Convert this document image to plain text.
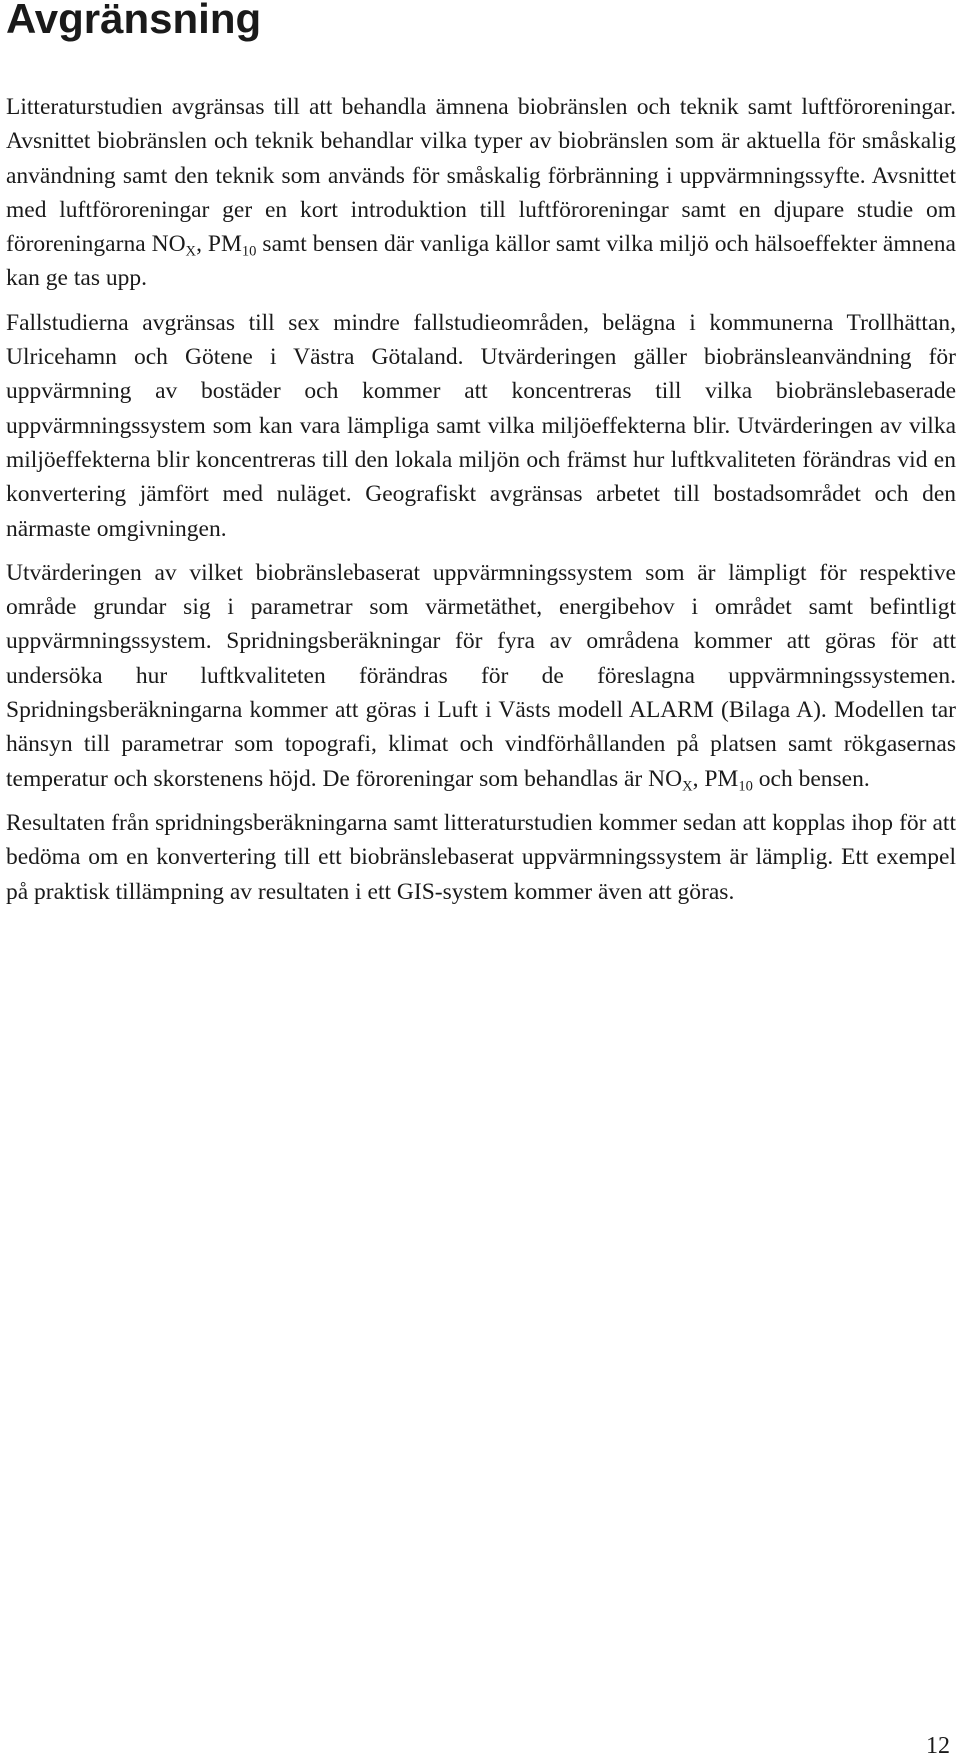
Avgränsning

Litteraturstudien avgränsas till att behandla ämnena biobränslen och teknik samt luftföroreningar. Avsnittet biobränslen och teknik behandlar vilka typer av biobränslen som är aktuella för småskalig användning samt den teknik som används för småskalig förbränning i uppvärmningssyfte. Avsnittet med luftföroreningar ger en kort introduktion till luftföroreningar samt en djupare studie om föroreningarna $NO_X$, $PM_{10}$ samt bensen där vanliga källor samt vilka miljö och hälsoeffekter ämnena kan ge tas upp.

Fallstudierna avgränsas till sex mindre fallstudieområden, belägna i kommunerna Trollhättan, Ulricehamn och Götene i Västra Götaland. Utvärderingen gäller biobränsleanvändning för uppvärmning av bostäder och kommer att koncentreras till vilka biobränslebaserade uppvärmningssystem som kan vara lämpliga samt vilka miljöeffekterna blir. Utvärderingen av vilka miljöeffekterna blir koncentreras till den lokala miljön och främst hur luftkvaliteten förändras vid en konvertering jämfört med nuläget. Geografiskt avgränsas arbetet till bostadsområdet och den närmaste omgivningen.

Utvärderingen av vilket biobränslebaserat uppvärmningssystem som är lämpligt för respektive område grundar sig i parametrar som värmetäthet, energibehov i området samt befintligt uppvärmningssystem. Spridningsberäkningar för fyra av områdena kommer att göras för att undersöka hur luftkvaliteten förändras för de föreslagna uppvärmningssystemen. Spridningsberäkningarna kommer att göras i Luft i Västs modell ALARM (Bilaga A). Modellen tar hänsyn till parametrar som topografi, klimat och vindförhållanden på platsen samt rökgasernas temperatur och skorstenens höjd. De föroreningar som behandlas är $NO_X$, $PM_{10}$ och bensen.

Resultaten från spridningsberäkningarna samt litteraturstudien kommer sedan att kopplas ihop för att bedöma om en konvertering till ett biobränslebaserat uppvärmningssystem är lämplig. Ett exempel på praktisk tillämpning av resultaten i ett GIS-system kommer även att göras.

12
